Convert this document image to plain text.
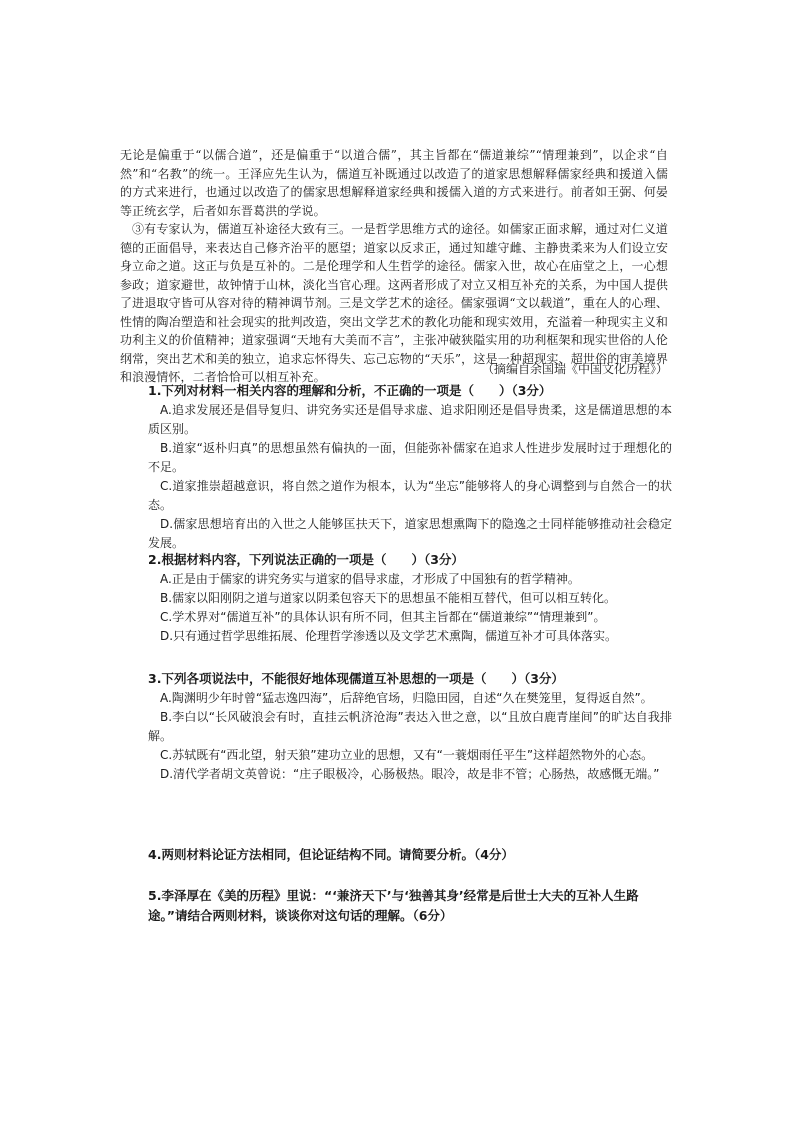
无论是偏重于“以儒合道”，还是偏重于“以道合儒”，其主旨都在“儒道兼综”“情理兼到”，以企求“自然”和“名教”的统一。王泽应先生认为，儒道互补既通过以改造了的道家思想解释儒家经典和援道入儒的方式来进行，也通过以改造了的儒家思想解释道家经典和援儒入道的方式来进行。前者如王弼、何晏等正统玄学，后者如东晋葛洪的学说。

③有专家认为，儒道互补途径大致有三。一是哲学思维方式的途径。如儒家正面求解，通过对仁义道德的正面倡导，来表达自己修齐治平的愿望；道家以反求正，通过知雄守雌、主静贵柔来为人们设立安身立命之道。这正与负是互补的。二是伦理学和人生哲学的途径。儒家入世，故心在庙堂之上，一心想参政；道家避世，故钟情于山林，淡化当官心理。这两者形成了对立又相互补充的关系，为中国人提供了进退取守皆可从容对待的精神调节剂。三是文学艺术的途径。儒家强调“文以载道”，重在人的心理、性情的陶冶塑造和社会现实的批判改造，突出文学艺术的教化功能和现实效用，充溢着一种现实主义和功利主义的价值精神；道家强调“天地有大美而不言”，主张冲破狭隘实用的功利框架和现实世俗的人伦纲常，突出艺术和美的独立，追求忘怀得失、忘己忘物的“天乐”，这是一种超现实、超世俗的审美境界和浪漫情怀，二者恰恰可以相互补充。

（摘编自余国瑞《中国文化历程》）

1.下列对材料一相关内容的理解和分析，不正确的一项是（　　）（3分）

A.追求发展还是倡导复归、讲究务实还是倡导求虚、追求阳刚还是倡导贵柔，这是儒道思想的本质区别。

B.道家“返朴归真”的思想虽然有偏执的一面，但能弥补儒家在追求人性进步发展时过于理想化的不足。

C.道家推崇超越意识，将自然之道作为根本，认为“坐忘”能够将人的身心调整到与自然合一的状态。

D.儒家思想培育出的入世之人能够匡扶天下，道家思想熏陶下的隐逸之士同样能够推动社会稳定发展。

2.根据材料内容，下列说法正确的一项是（　　）（3分）

A.正是由于儒家的讲究务实与道家的倡导求虚，才形成了中国独有的哲学精神。

B.儒家以阳刚阴之道与道家以阴柔包容天下的思想虽不能相互替代，但可以相互转化。

C.学术界对“儒道互补”的具体认识有所不同，但其主旨都在“儒道兼综”“情理兼到”。

D.只有通过哲学思维拓展、伦理哲学渗透以及文学艺术熏陶，儒道互补才可具体落实。

3.下列各项说法中，不能很好地体现儒道互补思想的一项是（　　）（3分）

A.陶渊明少年时曾“猛志逸四海”，后辞绝官场，归隐田园，自述“久在樊笼里，复得返自然”。

B.李白以“长风破浪会有时，直挂云帆济沧海”表达入世之意，以“且放白鹿青崖间”的旷达自我排解。

C.苏轼既有“西北望，射天狼”建功立业的思想，又有“一蓑烟雨任平生”这样超然物外的心态。

D.清代学者胡文英曾说：“庄子眼极冷，心肠极热。眼冷，故是非不管；心肠热，故感慨无端。”

4.两则材料论证方法相同，但论证结构不同。请简要分析。（4分）

5.李泽厚在《美的历程》里说：“‘兼济天下’与‘独善其身’经常是后世士大夫的互补人生路途。”请结合两则材料，谈谈你对这句话的理解。（6分）
